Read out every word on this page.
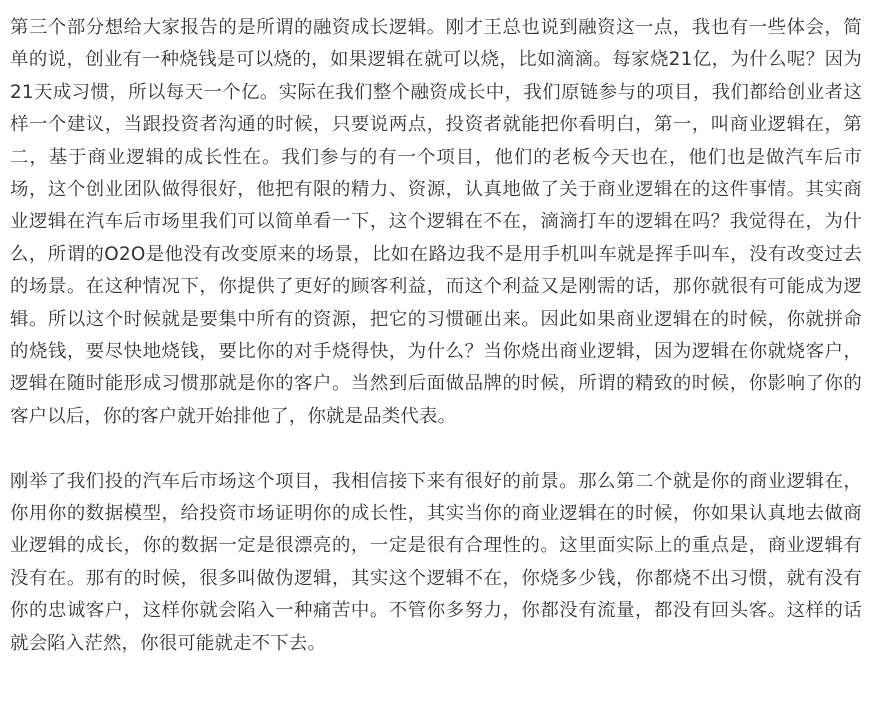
第三个部分想给大家报告的是所谓的融资成长逻辑。刚才王总也说到融资这一点，我也有一些体会，简单的说，创业有一种烧钱是可以烧的，如果逻辑在就可以烧，比如滴滴。每家烧21亿，为什么呢？因为21天成习惯，所以每天一个亿。实际在我们整个融资成长中，我们原链参与的项目，我们都给创业者这样一个建议，当跟投资者沟通的时候，只要说两点，投资者就能把你看明白，第一，叫商业逻辑在，第二，基于商业逻辑的成长性在。我们参与的有一个项目，他们的老板今天也在，他们也是做汽车后市场，这个创业团队做得很好，他把有限的精力、资源，认真地做了关于商业逻辑在的这件事情。其实商业逻辑在汽车后市场里我们可以简单看一下，这个逻辑在不在，滴滴打车的逻辑在吗？我觉得在，为什么，所谓的O2O是他没有改变原来的场景，比如在路边我不是用手机叫车就是挥手叫车，没有改变过去的场景。在这种情况下，你提供了更好的顾客利益，而这个利益又是刚需的话，那你就很有可能成为逻辑。所以这个时候就是要集中所有的资源，把它的习惯砸出来。因此如果商业逻辑在的时候，你就拼命的烧钱，要尽快地烧钱，要比你的对手烧得快，为什么？当你烧出商业逻辑，因为逻辑在你就烧客户，逻辑在随时能形成习惯那就是你的客户。当然到后面做品牌的时候，所谓的精致的时候，你影响了你的客户以后，你的客户就开始排他了，你就是品类代表。

刚举了我们投的汽车后市场这个项目，我相信接下来有很好的前景。那么第二个就是你的商业逻辑在，你用你的数据模型，给投资市场证明你的成长性，其实当你的商业逻辑在的时候，你如果认真地去做商业逻辑的成长，你的数据一定是很漂亮的，一定是很有合理性的。这里面实际上的重点是，商业逻辑有没有在。那有的时候，很多叫做伪逻辑，其实这个逻辑不在，你烧多少钱，你都烧不出习惯，就有没有你的忠诚客户，这样你就会陷入一种痛苦中。不管你多努力，你都没有流量，都没有回头客。这样的话就会陷入茫然，你很可能就走不下去。
